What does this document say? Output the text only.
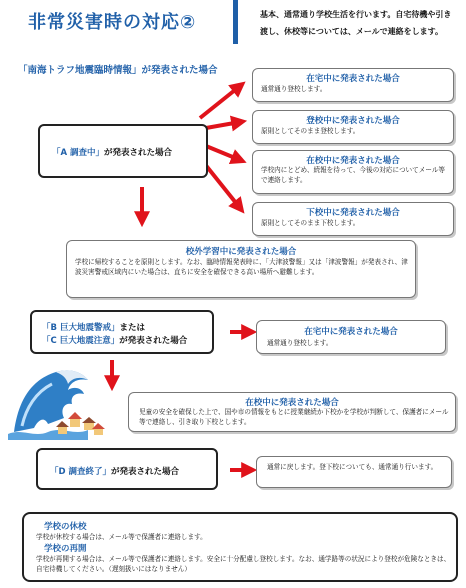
非常災害時の対応②	基本、通常通り学校生活を行います。自宅待機や引き渡し、休校等については、メールで連絡をします。
「南海トラフ地震臨時情報」が発表された場合
「A 調査中」が発表された場合
在宅中に発表された場合
通常通り登校します。
登校中に発表された場合
原則としてそのまま登校します。
在校中に発表された場合
学校内にとどめ、続報を待って、今後の対応についてメール等で連絡します。
下校中に発表された場合
原則としてそのまま下校します。
校外学習中に発表された場合
学校に帰校することを原則とします。なお、臨時情報発表時に、「大津波警報」又は「津波警報」が発表され、津波災害警戒区域内にいた場合は、直ちに安全を確保できる高い場所へ避難します。
「B 巨大地震警戒」または
「C 巨大地震注意」が発表された場合
在宅中に発表された場合
通常通り登校します。
在校中に発表された場合
児童の安全を確保した上で、国や市の情報をもとに授業継続か下校かを学校が判断して、保護者にメール等で連絡し、引き取り下校とします。
「D 調査終了」が発表された場合	通常に戻します。登下校についても、通常通り行います。
学校の休校
学校が休校する場合は、メール等で保護者に連絡します。
学校の再開
学校が再開する場合は、メール等で保護者に連絡します。安全に十分配慮し登校します。なお、通学路等の状況により登校が危険なときは、自宅待機してください。（遅刻扱いにはなりません）
